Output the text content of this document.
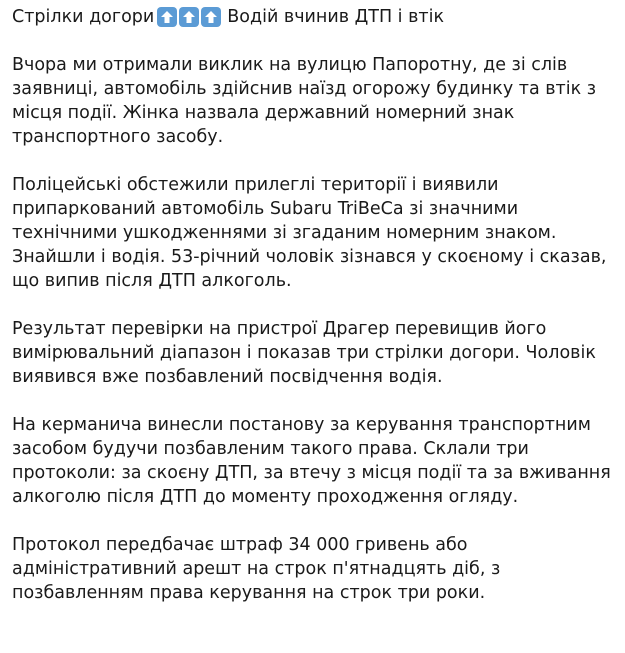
Стрілки догори	Водій вчинив ДТП і втік

Вчора ми отримали виклик на вулицю Папоротну, де зі слів заявниці, автомобіль здійснив наїзд огорожу будинку та втік з місця події. Жінка назвала державний номерний знак транспортного засобу.

Поліцейські обстежили прилеглі території і виявили припаркований автомобіль Subaru TriBeCa зі значними технічними ушкодженнями зі згаданим номерним знаком. Знайшли і водія. 53-річний чоловік зізнався у скоєному і сказав, що випив після ДТП алкоголь.

Результат перевірки на пристрої Драгер перевищив його вимірювальний діапазон і показав три стрілки догори. Чоловік виявився вже позбавлений посвідчення водія.

На керманича винесли постанову за керування транспортним засобом будучи позбавленим такого права. Склали три протоколи: за скоєну ДТП, за втечу з місця події та за вживання алкоголю після ДТП до моменту проходження огляду.

Протокол передбачає штраф 34 000 гривень або адміністративний арешт на строк п'ятнадцять діб, з позбавленням права керування на строк три роки.
